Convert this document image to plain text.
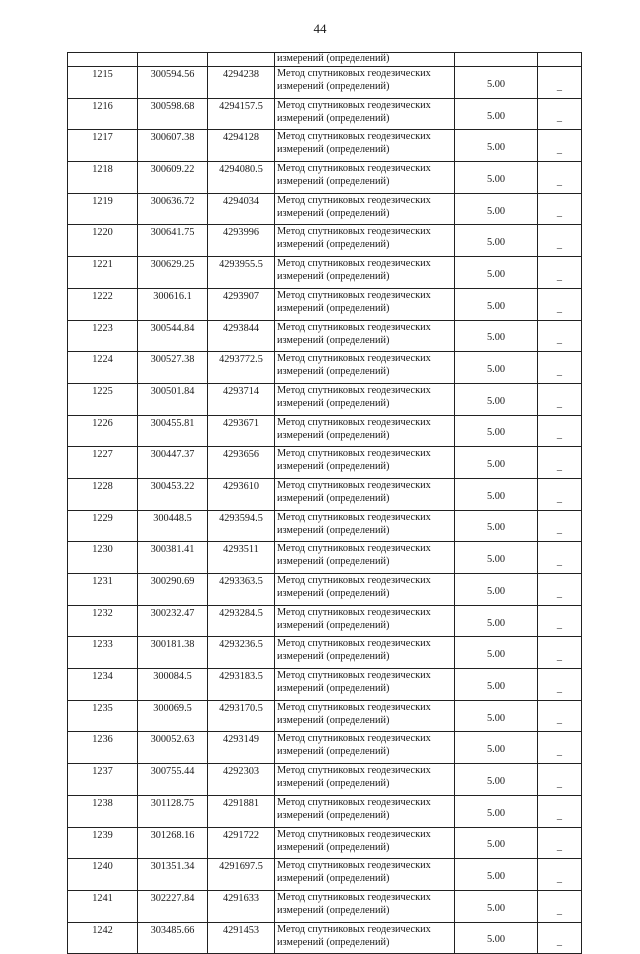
44
			измерений (определений)		
1215	300594.56	4294238	Метод спутниковых геодезических
измерений (определений)	5.00	–
1216	300598.68	4294157.5	Метод спутниковых геодезических
измерений (определений)	5.00	–
1217	300607.38	4294128	Метод спутниковых геодезических
измерений (определений)	5.00	–
1218	300609.22	4294080.5	Метод спутниковых геодезических
измерений (определений)	5.00	–
1219	300636.72	4294034	Метод спутниковых геодезических
измерений (определений)	5.00	–
1220	300641.75	4293996	Метод спутниковых геодезических
измерений (определений)	5.00	–
1221	300629.25	4293955.5	Метод спутниковых геодезических
измерений (определений)	5.00	–
1222	300616.1	4293907	Метод спутниковых геодезических
измерений (определений)	5.00	–
1223	300544.84	4293844	Метод спутниковых геодезических
измерений (определений)	5.00	–
1224	300527.38	4293772.5	Метод спутниковых геодезических
измерений (определений)	5.00	–
1225	300501.84	4293714	Метод спутниковых геодезических
измерений (определений)	5.00	–
1226	300455.81	4293671	Метод спутниковых геодезических
измерений (определений)	5.00	–
1227	300447.37	4293656	Метод спутниковых геодезических
измерений (определений)	5.00	–
1228	300453.22	4293610	Метод спутниковых геодезических
измерений (определений)	5.00	–
1229	300448.5	4293594.5	Метод спутниковых геодезических
измерений (определений)	5.00	–
1230	300381.41	4293511	Метод спутниковых геодезических
измерений (определений)	5.00	–
1231	300290.69	4293363.5	Метод спутниковых геодезических
измерений (определений)	5.00	–
1232	300232.47	4293284.5	Метод спутниковых геодезических
измерений (определений)	5.00	–
1233	300181.38	4293236.5	Метод спутниковых геодезических
измерений (определений)	5.00	–
1234	300084.5	4293183.5	Метод спутниковых геодезических
измерений (определений)	5.00	–
1235	300069.5	4293170.5	Метод спутниковых геодезических
измерений (определений)	5.00	–
1236	300052.63	4293149	Метод спутниковых геодезических
измерений (определений)	5.00	–
1237	300755.44	4292303	Метод спутниковых геодезических
измерений (определений)	5.00	–
1238	301128.75	4291881	Метод спутниковых геодезических
измерений (определений)	5.00	–
1239	301268.16	4291722	Метод спутниковых геодезических
измерений (определений)	5.00	–
1240	301351.34	4291697.5	Метод спутниковых геодезических
измерений (определений)	5.00	–
1241	302227.84	4291633	Метод спутниковых геодезических
измерений (определений)	5.00	–
1242	303485.66	4291453	Метод спутниковых геодезических
измерений (определений)	5.00	–
